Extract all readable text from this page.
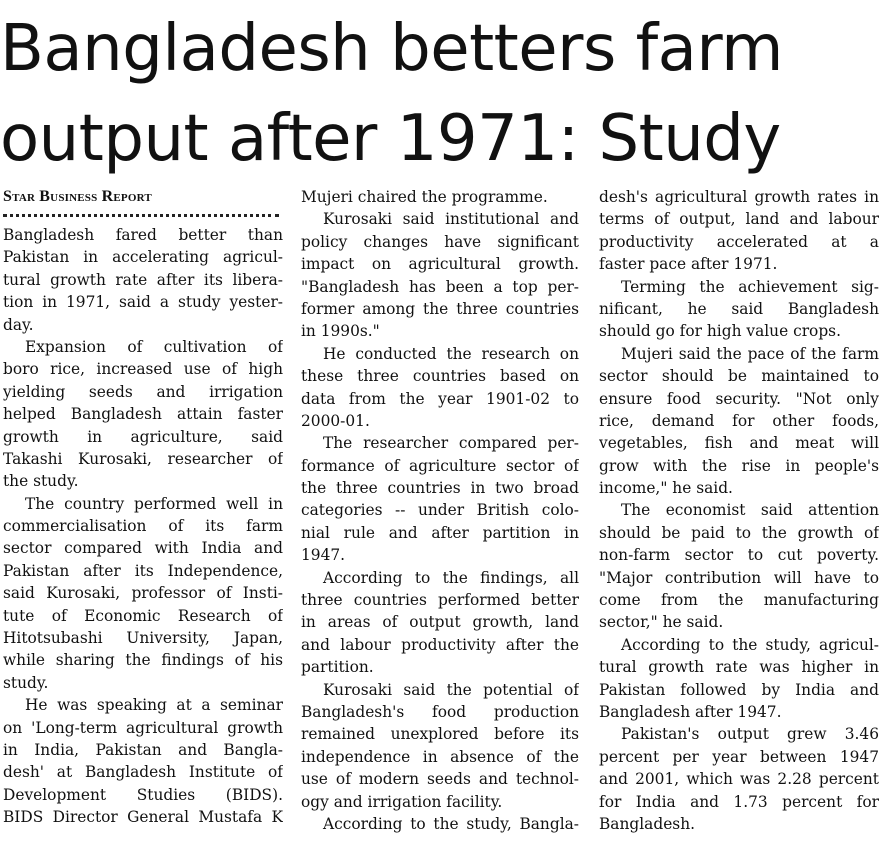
Bangladesh betters farm
output after 1971: Study
Star Business Report
Bangladesh fared better than
Pakistan in accelerating agricul-
tural growth rate after its libera-
tion in 1971, said a study yester-
day.
Expansion of cultivation of
boro rice, increased use of high
yielding seeds and irrigation
helped Bangladesh attain faster
growth in agriculture, said
Takashi Kurosaki, researcher of
the study.
The country performed well in
commercialisation of its farm
sector compared with India and
Pakistan after its Independence,
said Kurosaki, professor of Insti-
tute of Economic Research of
Hitotsubashi University, Japan,
while sharing the findings of his
study.
He was speaking at a seminar
on 'Long-term agricultural growth
in India, Pakistan and Bangla-
desh' at Bangladesh Institute of
Development Studies (BIDS).
BIDS Director General Mustafa K
Mujeri chaired the programme.
Kurosaki said institutional and
policy changes have significant
impact on agricultural growth.
"Bangladesh has been a top per-
former among the three countries
in 1990s."
He conducted the research on
these three countries based on
data from the year 1901-02 to
2000-01.
The researcher compared per-
formance of agriculture sector of
the three countries in two broad
categories -- under British colo-
nial rule and after partition in
1947.
According to the findings, all
three countries performed better
in areas of output growth, land
and labour productivity after the
partition.
Kurosaki said the potential of
Bangladesh's food production
remained unexplored before its
independence in absence of the
use of modern seeds and technol-
ogy and irrigation facility.
According to the study, Bangla-
desh's agricultural growth rates in
terms of output, land and labour
productivity accelerated at a
faster pace after 1971.
Terming the achievement sig-
nificant, he said Bangladesh
should go for high value crops.
Mujeri said the pace of the farm
sector should be maintained to
ensure food security. "Not only
rice, demand for other foods,
vegetables, fish and meat will
grow with the rise in people's
income," he said.
The economist said attention
should be paid to the growth of
non-farm sector to cut poverty.
"Major contribution will have to
come from the manufacturing
sector," he said.
According to the study, agricul-
tural growth rate was higher in
Pakistan followed by India and
Bangladesh after 1947.
Pakistan's output grew 3.46
percent per year between 1947
and 2001, which was 2.28 percent
for India and 1.73 percent for
Bangladesh.
